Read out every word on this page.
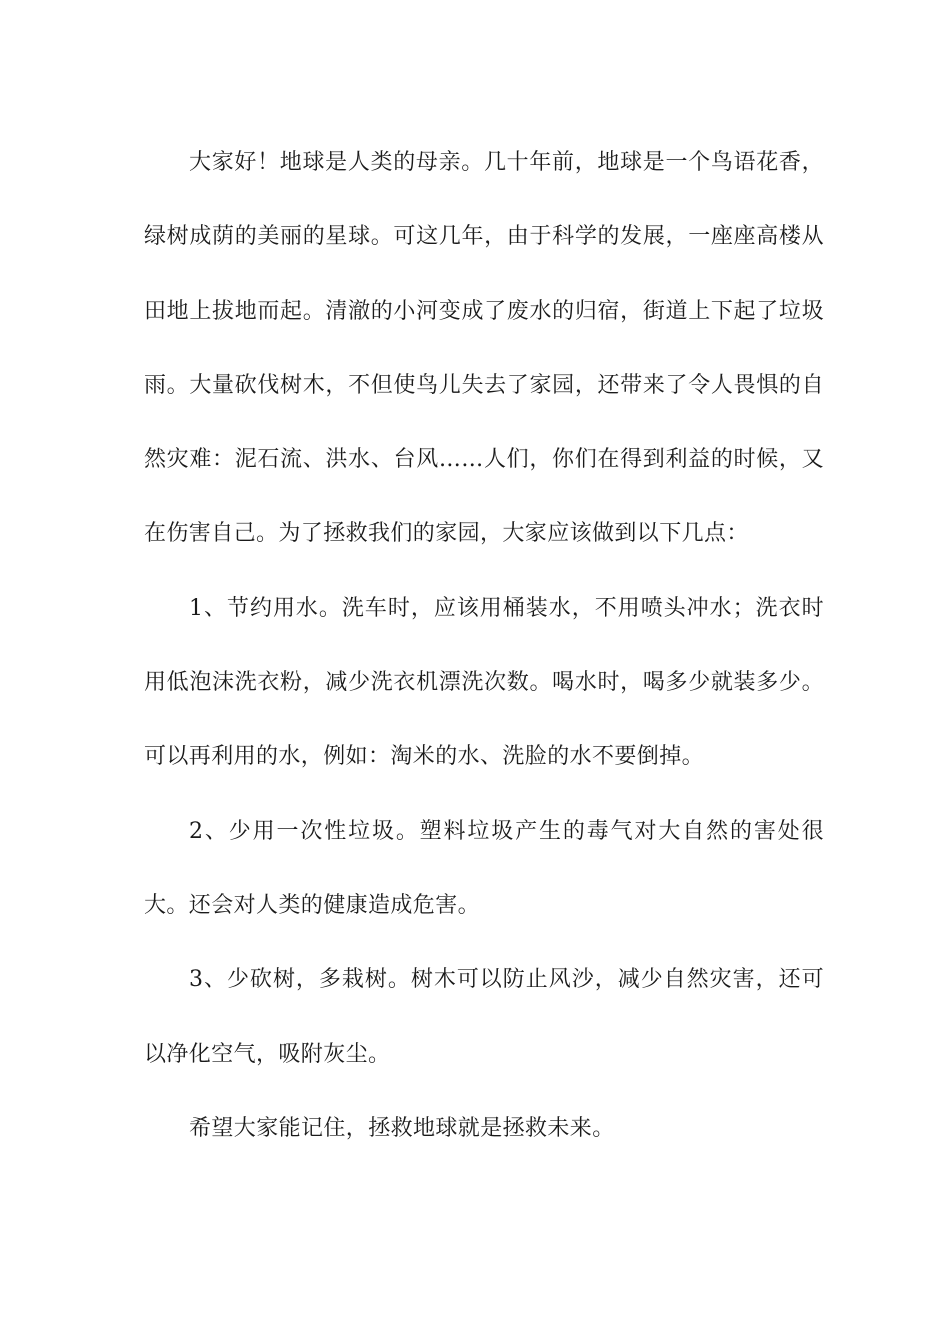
大家好！地球是人类的母亲。几十年前，地球是一个鸟语花香，绿树成荫的美丽的星球。可这几年，由于科学的发展，一座座高楼从田地上拔地而起。清澈的小河变成了废水的归宿，街道上下起了垃圾雨。大量砍伐树木，不但使鸟儿失去了家园，还带来了令人畏惧的自然灾难：泥石流、洪水、台风……人们，你们在得到利益的时候，又在伤害自己。为了拯救我们的家园，大家应该做到以下几点：

1、节约用水。洗车时，应该用桶装水，不用喷头冲水；洗衣时用低泡沫洗衣粉，减少洗衣机漂洗次数。喝水时，喝多少就装多少。可以再利用的水，例如：淘米的水、洗脸的水不要倒掉。

2、少用一次性垃圾。塑料垃圾产生的毒气对大自然的害处很大。还会对人类的健康造成危害。

3、少砍树，多栽树。树木可以防止风沙，减少自然灾害，还可以净化空气，吸附灰尘。

希望大家能记住，拯救地球就是拯救未来。
